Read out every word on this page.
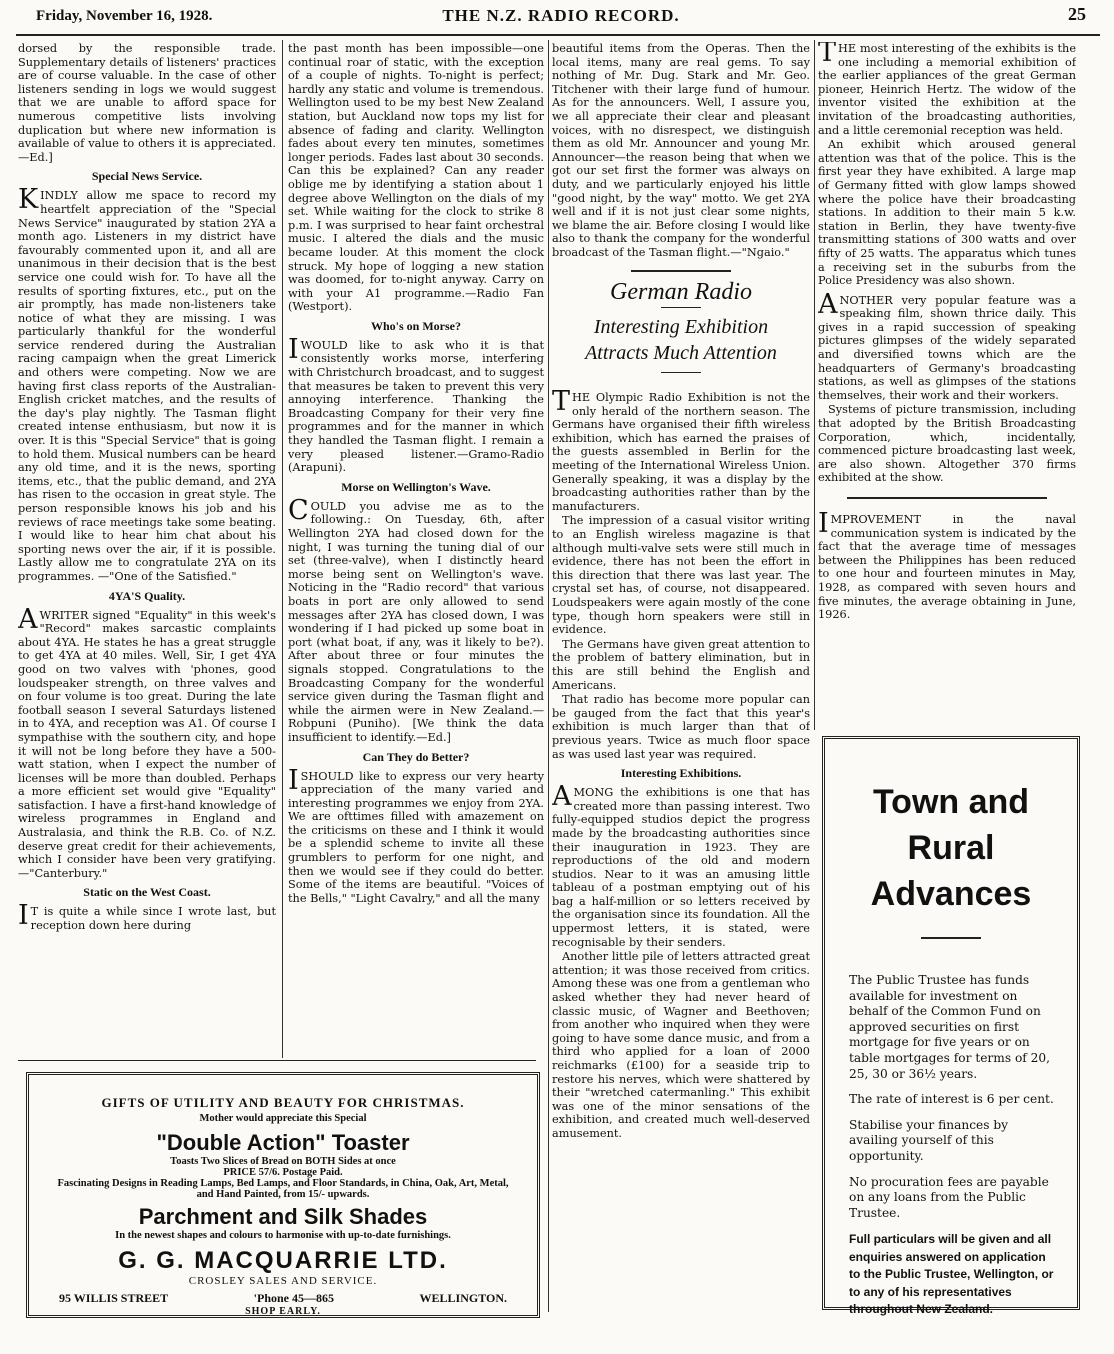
Friday, November 16, 1928.	THE N.Z. RADIO RECORD.	25

dorsed by the responsible trade. Supplementary details of listeners' practices are of course valuable. In the case of other listeners sending in logs we would suggest that we are unable to afford space for numerous competitive lists involving duplication but where new information is available of value to others it is appreciated.—Ed.]

Special News Service.

KINDLY allow me space to record my heartfelt appreciation of the "Special News Service" inaugurated by station 2YA a month ago. Listeners in my district have favourably commented upon it, and all are unanimous in their decision that is the best service one could wish for. To have all the results of sporting fixtures, etc., put on the air promptly, has made non-listeners take notice of what they are missing. I was particularly thankful for the wonderful service rendered during the Australian racing campaign when the great Limerick and others were competing. Now we are having first class reports of the Australian-English cricket matches, and the results of the day's play nightly. The Tasman flight created intense enthusiasm, but now it is over. It is this "Special Service" that is going to hold them. Musical numbers can be heard any old time, and it is the news, sporting items, etc., that the public demand, and 2YA has risen to the occasion in great style. The person responsible knows his job and his reviews of race meetings take some beating. I would like to hear him chat about his sporting news over the air, if it is possible. Lastly allow me to congratulate 2YA on its programmes. —"One of the Satisfied."

4YA'S Quality.

AWRITER signed "Equality" in this week's "Record" makes sarcastic complaints about 4YA. He states he has a great struggle to get 4YA at 40 miles. Well, Sir, I get 4YA good on two valves with 'phones, good loudspeaker strength, on three valves and on four volume is too great. During the late football season I several Saturdays listened in to 4YA, and reception was A1. Of course I sympathise with the southern city, and hope it will not be long before they have a 500-watt station, when I expect the number of licenses will be more than doubled. Perhaps a more efficient set would give "Equality" satisfaction. I have a first-hand knowledge of wireless programmes in England and Australasia, and think the R.B. Co. of N.Z. deserve great credit for their achievements, which I consider have been very gratifying.—"Canterbury."

Static on the West Coast.

IT is quite a while since I wrote last, but reception down here during

the past month has been impossible—one continual roar of static, with the exception of a couple of nights. To-night is perfect; hardly any static and volume is tremendous. Wellington used to be my best New Zealand station, but Auckland now tops my list for absence of fading and clarity. Wellington fades about every ten minutes, sometimes longer periods. Fades last about 30 seconds. Can this be explained? Can any reader oblige me by identifying a station about 1 degree above Wellington on the dials of my set. While waiting for the clock to strike 8 p.m. I was surprised to hear faint orchestral music. I altered the dials and the music became louder. At this moment the clock struck. My hope of logging a new station was doomed, for to-night anyway. Carry on with your A1 programme.—Radio Fan (Westport).

Who's on Morse?

IWOULD like to ask who it is that consistently works morse, interfering with Christchurch broadcast, and to suggest that measures be taken to prevent this very annoying interference. Thanking the Broadcasting Company for their very fine programmes and for the manner in which they handled the Tasman flight. I remain a very pleased listener.—Gramo-Radio (Arapuni).

Morse on Wellington's Wave.

COULD you advise me as to the following.: On Tuesday, 6th, after Wellington 2YA had closed down for the night, I was turning the tuning dial of our set (three-valve), when I distinctly heard morse being sent on Wellington's wave. Noticing in the "Radio record" that various boats in port are only allowed to send messages after 2YA has closed down, I was wondering if I had picked up some boat in port (what boat, if any, was it likely to be?). After about three or four minutes the signals stopped. Congratulations to the Broadcasting Company for the wonderful service given during the Tasman flight and while the airmen were in New Zealand.—Robpuni (Puniho). [We think the data insufficient to identify.—Ed.]

Can They do Better?

ISHOULD like to express our very hearty appreciation of the many varied and interesting programmes we enjoy from 2YA. We are ofttimes filled with amazement on the criticisms on these and I think it would be a splendid scheme to invite all these grumblers to perform for one night, and then we would see if they could do better. Some of the items are beautiful. "Voices of the Bells," "Light Cavalry," and all the many

beautiful items from the Operas. Then the local items, many are real gems. To say nothing of Mr. Dug. Stark and Mr. Geo. Titchener with their large fund of humour. As for the announcers. Well, I assure you, we all appreciate their clear and pleasant voices, with no disrespect, we distinguish them as old Mr. Announcer and young Mr. Announcer—the reason being that when we got our set first the former was always on duty, and we particularly enjoyed his little "good night, by the way" motto. We get 2YA well and if it is not just clear some nights, we blame the air. Before closing I would like also to thank the company for the wonderful broadcast of the Tasman flight.—"Ngaio."

German Radio
Interesting Exhibition
Attracts Much Attention

THE Olympic Radio Exhibition is not the only herald of the northern season. The Germans have organised their fifth wireless exhibition, which has earned the praises of the guests assembled in Berlin for the meeting of the International Wireless Union. Generally speaking, it was a display by the broadcasting authorities rather than by the manufacturers.

The impression of a casual visitor writing to an English wireless magazine is that although multi-valve sets were still much in evidence, there has not been the effort in this direction that there was last year. The crystal set has, of course, not disappeared. Loudspeakers were again mostly of the cone type, though horn speakers were still in evidence.

The Germans have given great attention to the problem of battery elimination, but in this are still behind the English and Americans.

That radio has become more popular can be gauged from the fact that this year's exhibition is much larger than that of previous years. Twice as much floor space as was used last year was required.

Interesting Exhibitions.

AMONG the exhibitions is one that has created more than passing interest. Two fully-equipped studios depict the progress made by the broadcasting authorities since their inauguration in 1923. They are reproductions of the old and modern studios. Near to it was an amusing little tableau of a postman emptying out of his bag a half-million or so letters received by the organisation since its foundation. All the uppermost letters, it is stated, were recognisable by their senders.

Another little pile of letters attracted great attention; it was those received from critics. Among these was one from a gentleman who asked whether they had never heard of classic music, of Wagner and Beethoven; from another who inquired when they were going to have some dance music, and from a third who applied for a loan of 2000 reichmarks (£100) for a seaside trip to restore his nerves, which were shattered by their "wretched catermanling." This exhibit was one of the minor sensations of the exhibition, and created much well-deserved amusement.

THE most interesting of the exhibits is the one including a memorial exhibition of the earlier appliances of the great German pioneer, Heinrich Hertz. The widow of the inventor visited the exhibition at the invitation of the broadcasting authorities, and a little ceremonial reception was held.

An exhibit which aroused general attention was that of the police. This is the first year they have exhibited. A large map of Germany fitted with glow lamps showed where the police have their broadcasting stations. In addition to their main 5 k.w. station in Berlin, they have twenty-five transmitting stations of 300 watts and over fifty of 25 watts. The apparatus which tunes a receiving set in the suburbs from the Police Presidency was also shown.

ANOTHER very popular feature was a speaking film, shown thrice daily. This gives in a rapid succession of speaking pictures glimpses of the widely separated and diversified towns which are the headquarters of Germany's broadcasting stations, as well as glimpses of the stations themselves, their work and their workers.

Systems of picture transmission, including that adopted by the British Broadcasting Corporation, which, incidentally, commenced picture broadcasting last week, are also shown. Altogether 370 firms exhibited at the show.

IMPROVEMENT in the naval communication system is indicated by the fact that the average time of messages between the Philippines has been reduced to one hour and fourteen minutes in May, 1928, as compared with seven hours and five minutes, the average obtaining in June, 1926.

GIFTS OF UTILITY AND BEAUTY FOR CHRISTMAS.
Mother would appreciate this Special
"Double Action" Toaster
Toasts Two Slices of Bread on BOTH Sides at once
PRICE 57/6. Postage Paid.
Fascinating Designs in Reading Lamps, Bed Lamps, and Floor Standards, in China, Oak, Art, Metal, and Hand Painted, from 15/- upwards.
Parchment and Silk Shades
In the newest shapes and colours to harmonise with up-to-date furnishings.
G. G. MACQUARRIE LTD.
CROSLEY SALES AND SERVICE.
95 WILLIS STREET	'Phone 45—865	WELLINGTON.
SHOP EARLY.
Town and
Rural Advances

The Public Trustee has funds available for investment on behalf of the Common Fund on approved securities on first mortgage for five years or on table mortgages for terms of 20, 25, 30 or 36½ years.

The rate of interest is 6 per cent.

Stabilise your finances by availing yourself of this opportunity.

No procuration fees are payable on any loans from the Public Trustee.

Full particulars will be given and all enquiries answered on application to the Public Trustee, Wellington, or to any of his representatives throughout New Zealand.
